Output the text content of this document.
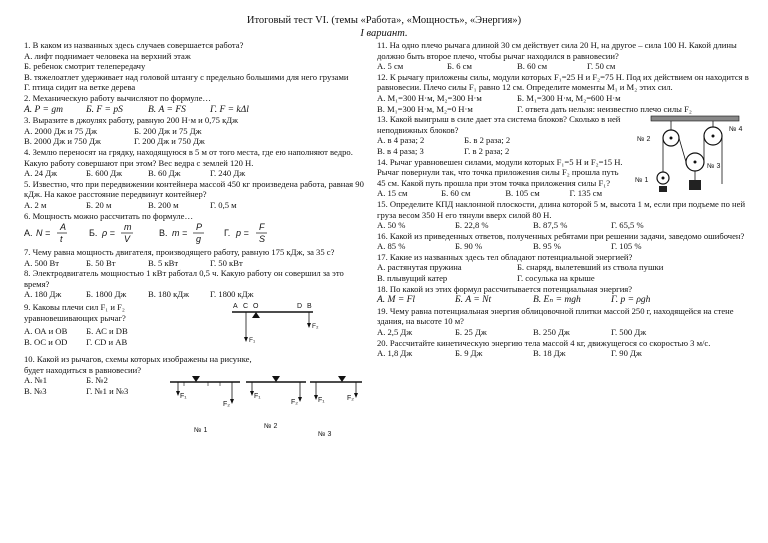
Итоговый тест VI. (темы «Работа», «Мощность», «Энергия»)
I вариант.
1. В каком из названных здесь случаев совершается работа?
А. лифт поднимает человека на верхний этаж
Б. ребенок смотрит телепередачу
В. тяжелоатлет удерживает над головой штангу с предельно большими для него грузами
Г. птица сидит на ветке дерева
2. Механическую работу вычисляют по формуле…
А. P = gm Б. F = pS	В. A = FS	Г. F = kΔl
3. Выразите в джоулях работу, равную 200 Н·м и 0,75 кДж
А. 2000 Дж и 75 Дж	Б. 200 Дж и 75 Дж
В. 2000 Дж и 750 Дж	Г. 200 Дж и 750 Дж
4. Землю переносят на грядку, находящуюся в 5 м от того места, где ею наполняют ведро. Какую работу совершают при этом? Вес ведра с землей 120 Н.
А. 24 Дж	Б. 600 Дж	В. 60 Дж	Г. 240 Дж
5. Известно, что при передвижении контейнера массой 450 кг произведена работа, равная 90 кДж. На какое расстояние передвинут контейнер?
А. 2 м	Б. 20 м	В. 200 м	Г. 0,5 м
6. Мощность можно рассчитать по формуле…
А. N =
A
t
Б. ρ =
m
V
В. m =
P
g
Г. p =
F
S
7. Чему равна мощность двигателя, производящего работу, равную 175 кДж, за 35 с?
А. 500 Вт	Б. 50 Вт	В. 5 кВт	Г. 50 кВт
8. Электродвигатель мощностью 1 кВт работал 0,5 ч. Какую работу он совершил за это время?
А. 180 Дж	Б. 1800 Дж	В. 180 кДж Г. 1800 кДж
9. Каковы плечи сил F₁ и F₂
уравновешивающих рычаг?
А. ОА и ОВ Б. АС и DB
В. ОС и OD Г. CD и АВ
A C O	D B
F₁
F₂
10. Какой из рычагов, схемы которых изображены на рисунке, будет находиться в равновесии?
А. №1	Б. №2
В. №3	Г. №1 и №3
F₁
F₂
F₁
F₂	F₁	F₂
№ 1
№ 2
№ 3
11. На одно плечо рычага длиной 30 см действует сила 20 Н, на другое – сила 100 Н. Какой длины должно быть второе плечо, чтобы рычаг находился в равновесии?
А. 5 см	Б. 6 см	В. 60 см	Г. 50 см
12. К рычагу приложены силы, модули которых F₁=25 Н и F₂=75 Н. Под их действием он находится в равновесии. Плечо силы F₁ равно 12 см. Определите моменты M₁ и M₂ этих сил.
А. M₁=300 Н·м, M₂=300 Н·м	Б. M₁=300 Н·м, M₂=600 Н·м
В. M₁=300 Н·м, M₂=0 Н·м	Г. ответа дать нельзя: неизвестно плечо силы F₂
13. Какой выигрыш в силе дает эта система блоков? Сколько в ней неподвижных блоков?
А. в 4 раза; 2	Б. в 2 раза; 2
В. в 4 раза; 3	Г. в 2 раза; 2
№ 2
№ 4
№ 3
№ 1
14. Рычаг уравновешен силами, модули которых F₁=5 Н и F₂=15 Н. Рычаг повернули так, что точка приложения силы F₂ прошла путь 45 см. Какой путь прошла при этом точка приложения силы F₁?
А. 15 см	Б. 60 см	В. 105 см	Г. 135 см
15. Определите КПД наклонной плоскости, длина которой 5 м, высота 1 м, если при подъеме по ней груза весом 350 Н его тянули вверх силой 80 Н.
А. 50 %	Б. 22,8 %	В. 87,5 %	Г. 65,5 %
16. Какой из приведенных ответов, полученных ребятами при решении задачи, заведомо ошибочен?
А. 85 %	Б. 90 %	В. 95 %	Г. 105 %
17. Какие из названных здесь тел обладают потенциальной энергией?
А. растянутая пружина	Б. снаряд, вылетевший из ствола пушки
В. плывущий катер	Г. сосулька на крыше
18. По какой из этих формул рассчитывается потенциальная энергия?
А. M = Fl	Б. A = Nt	В. Eₙ = mgh	Г. p = ρgh
19. Чему равна потенциальная энергия облицовочной плитки массой 250 г, находящейся на стене здания, на высоте 10 м?
А. 2,5 Дж	Б. 25 Дж	В. 250 Дж	Г. 500 Дж
20. Рассчитайте кинетическую энергию тела массой 4 кг, движущегося со скоростью 3 м/с.
А. 1,8 Дж	Б. 9 Дж	В. 18 Дж	Г. 90 Дж
